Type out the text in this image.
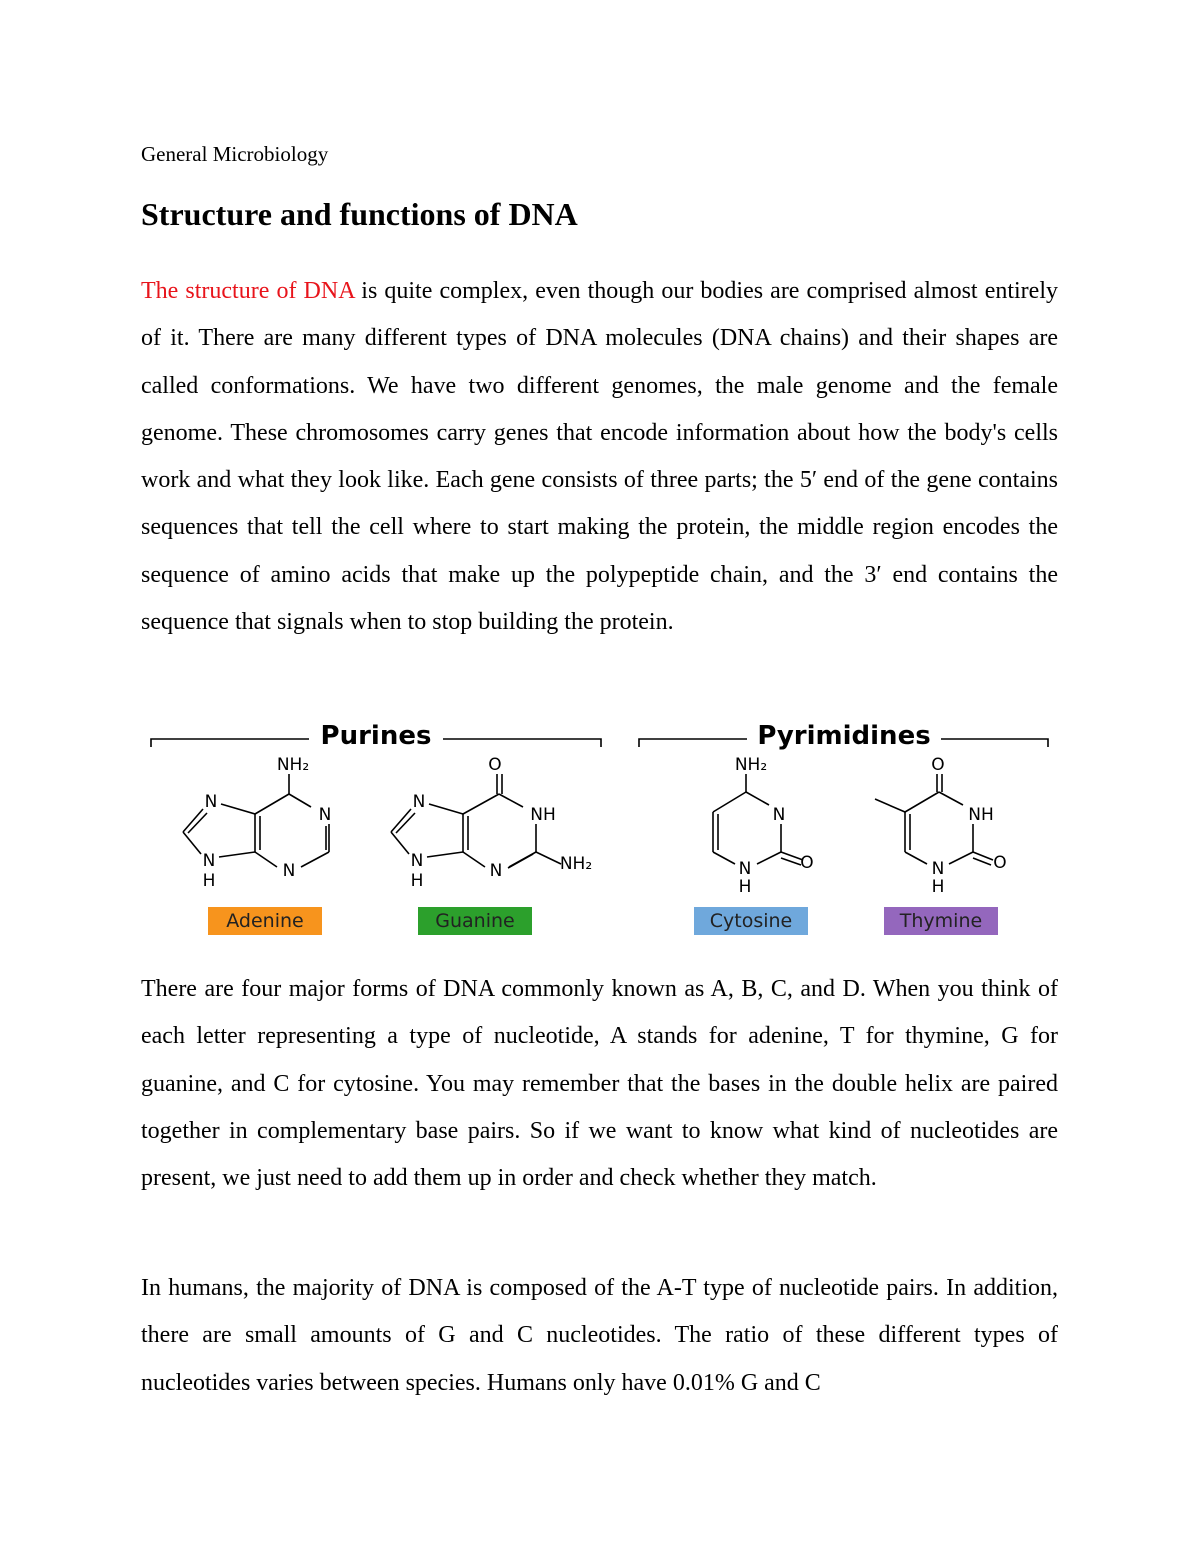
General Microbiology
Structure and functions of DNA

The structure of DNA is quite complex, even though our bodies are comprised almost entirely of it. There are many different types of DNA molecules (DNA chains) and their shapes are called conformations. We have two different genomes, the male genome and the female genome. These chromosomes carry genes that encode information about how the body's cells work and what they look like. Each gene consists of three parts; the 5′ end of the gene contains sequences that tell the cell where to start making the protein, the middle region encodes the sequence of amino acids that make up the polypeptide chain, and the 3′ end contains the sequence that signals when to stop building the protein.

Purines	Pyrimidines
NH₂
N
N
N
N
H
O
NH
N	NH₂
N
N
H
NH₂
N
O
N
H
O
NH
O
N
H
Adenine	Guanine	Cytosine	Thymine

There are four major forms of DNA commonly known as A, B, C, and D. When you think of each letter representing a type of nucleotide, A stands for adenine, T for thymine, G for guanine, and C for cytosine. You may remember that the bases in the double helix are paired together in complementary base pairs. So if we want to know what kind of nucleotides are present, we just need to add them up in order and check whether they match.

In humans, the majority of DNA is composed of the A-T type of nucleotide pairs. In addition, there are small amounts of G and C nucleotides. The ratio of these different types of nucleotides varies between species. Humans only have 0.01% G and C
